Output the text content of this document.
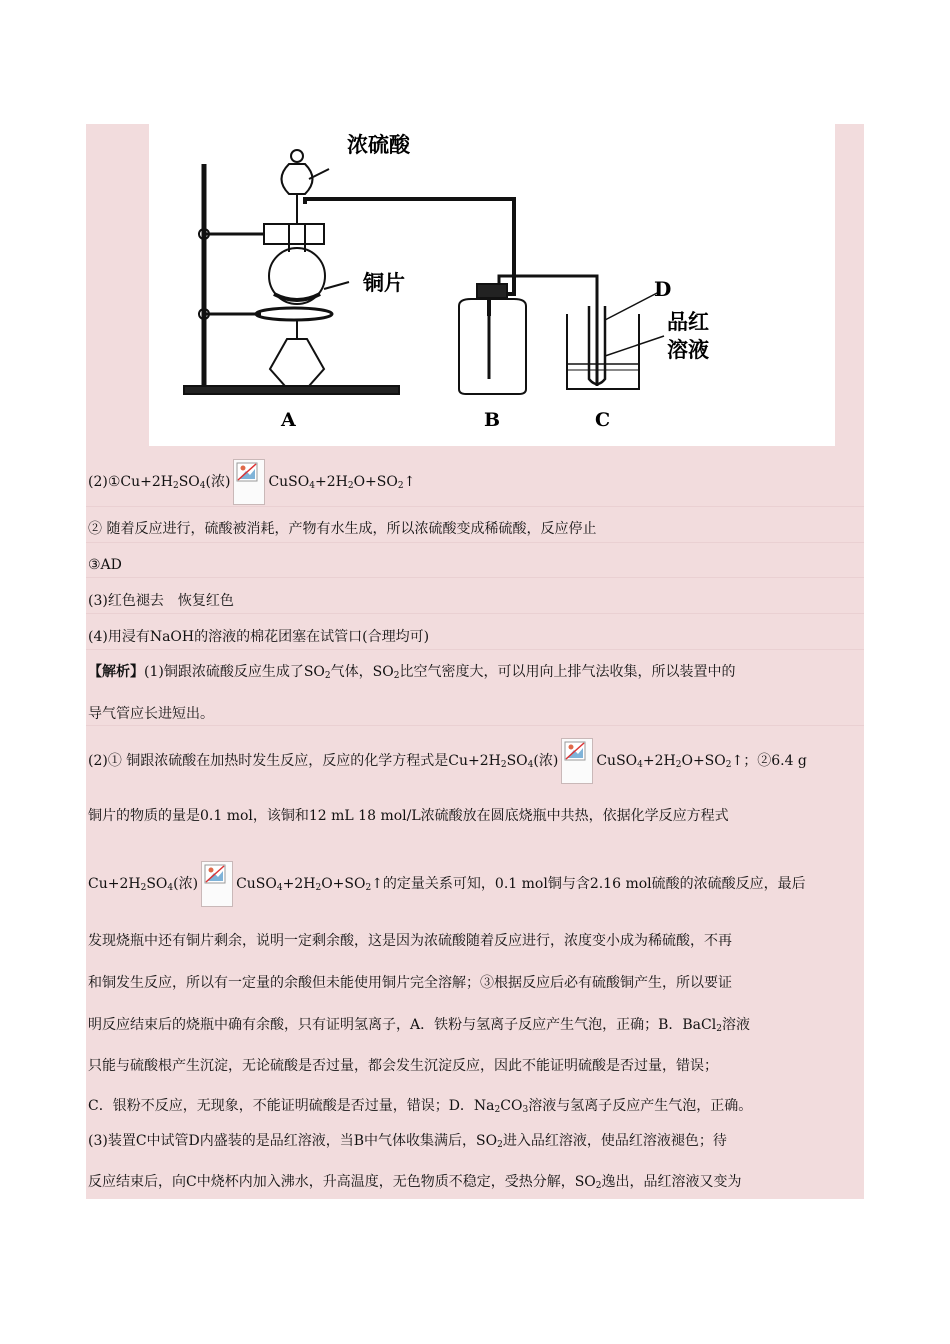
浓硫酸
铜片	D
品红
溶液
A	B	C
$(2)①Cu+2H_2SO_4$(浓)	$CuSO_4+2H_2O+SO_2↑$
② 随着反应进行，硫酸被消耗，产物有水生成，所以浓硫酸变成稀硫酸，反应停止
③AD
(3)红色褪去　恢复红色
(4)用浸有NaOH的溶液的棉花团塞在试管口(合理均可)
【解析】(1)铜跟浓硫酸反应生成了$SO_2$气体，$SO_2$比空气密度大，可以用向上排气法收集，所以装置中的
导气管应长进短出。
(2)① 铜跟浓硫酸在加热时发生反应，反应的化学方程式是$Cu+2H_2SO_4$(浓)	$CuSO_4+2H_2O+SO_2↑$；②6.4 g
铜片的物质的量是0.1 mol，该铜和12 mL 18 mol/L浓硫酸放在圆底烧瓶中共热，依据化学反应方程式
$Cu+2H_2SO_4$(浓)	$CuSO_4+2H_2O+SO_2↑$的定量关系可知，0.1 mol铜与含2.16 mol硫酸的浓硫酸反应，最后
发现烧瓶中还有铜片剩余，说明一定剩余酸，这是因为浓硫酸随着反应进行，浓度变小成为稀硫酸，不再
和铜发生反应，所以有一定量的余酸但未能使用铜片完全溶解；③根据反应后必有硫酸铜产生，所以要证
明反应结束后的烧瓶中确有余酸，只有证明氢离子，A．铁粉与氢离子反应产生气泡，正确；B．BaCl$_2$溶液
只能与硫酸根产生沉淀，无论硫酸是否过量，都会发生沉淀反应，因此不能证明硫酸是否过量，错误；
C．银粉不反应，无现象，不能证明硫酸是否过量，错误；D．$Na_2CO_3$溶液与氢离子反应产生气泡，正确。
(3)装置C中试管D内盛装的是品红溶液，当B中气体收集满后，$SO_2$进入品红溶液，使品红溶液褪色；待
反应结束后，向C中烧杯内加入沸水，升高温度，无色物质不稳定，受热分解，$SO_2$逸出，品红溶液又变为
